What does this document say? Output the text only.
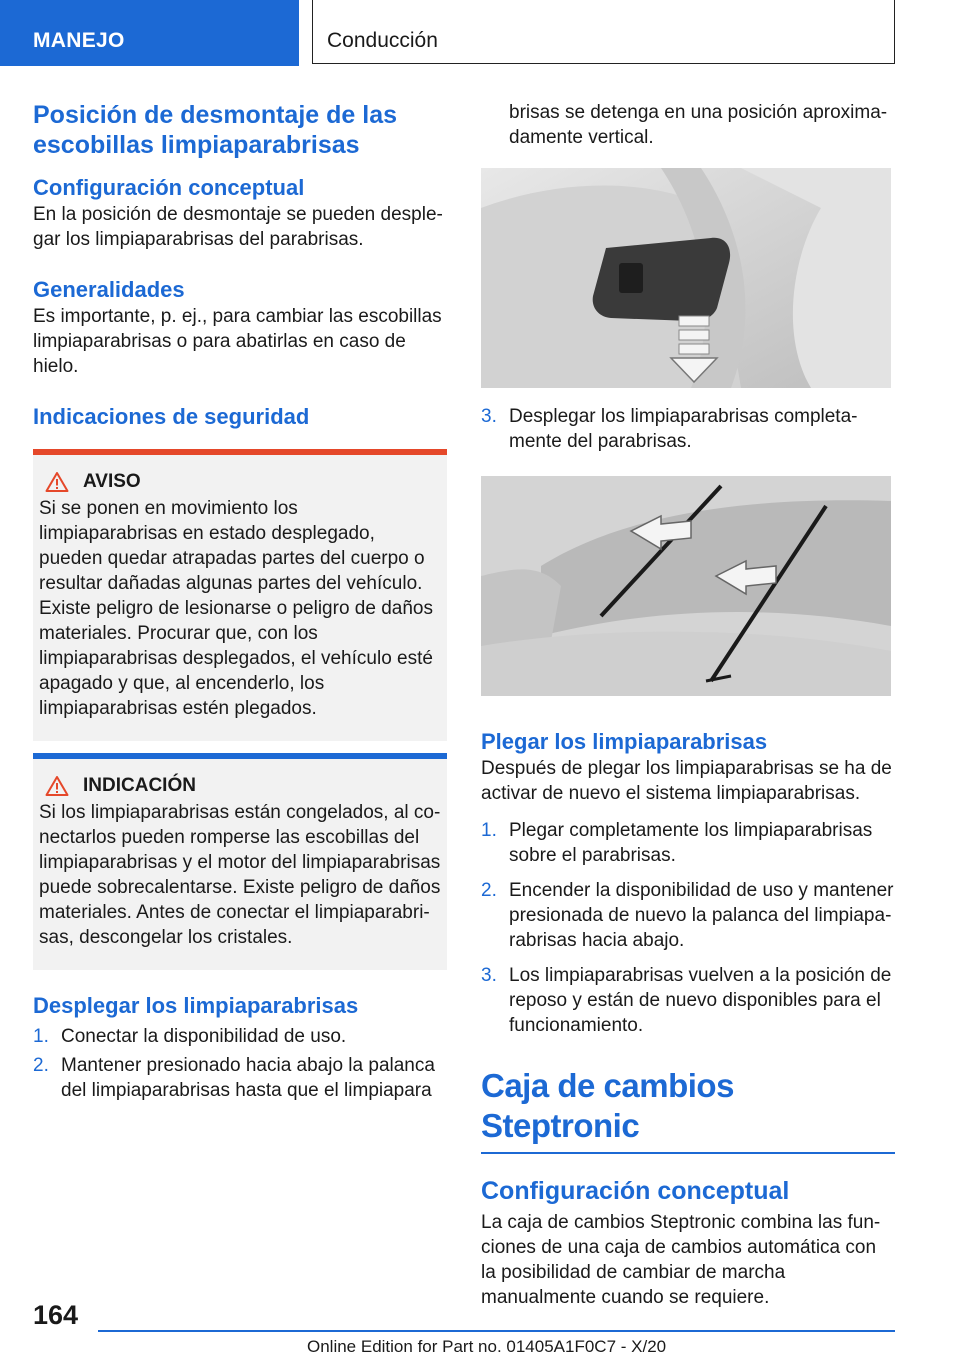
MANEJO	Conducción
Posición de desmontaje de las escobillas limpiaparabrisas
Configuración conceptual

En la posición de desmontaje se pueden desplegar los limpiaparabrisas del parabrisas.

Generalidades

Es importante, p. ej., para cambiar las escobillas limpiaparabrisas o para abatirlas en caso de hielo.

Indicaciones de seguridad
AVISO

Si se ponen en movimiento los limpiaparabrisas en estado desplegado, pueden quedar atrapadas partes del cuerpo o resultar dañadas algunas partes del vehículo. Existe peligro de lesionarse o peligro de daños materiales. Procurar que, con los limpiaparabrisas desplegados, el vehículo esté apagado y que, al encenderlo, los limpiaparabrisas estén plegados.

INDICACIÓN

Si los limpiaparabrisas están congelados, al conectarlos pueden romperse las escobillas del limpiaparabrisas y el motor del limpiaparabrisas puede sobrecalentarse. Existe peligro de daños materiales. Antes de conectar el limpiaparabrisas, descongelar los cristales.

Desplegar los limpiaparabrisas
1. Conectar la disponibilidad de uso.
2. Mantener presionado hacia abajo la palanca del limpiaparabrisas hasta que el limpiapara

brisas se detenga en una posición aproximadamente vertical.

3. Desplegar los limpiaparabrisas completamente del parabrisas.
Plegar los limpiaparabrisas

Después de plegar los limpiaparabrisas se ha de activar de nuevo el sistema limpiaparabrisas.

1. Plegar completamente los limpiaparabrisas sobre el parabrisas.
2. Encender la disponibilidad de uso y mantener presionada de nuevo la palanca del limpiaparabrisas hacia abajo.
3. Los limpiaparabrisas vuelven a la posición de reposo y están de nuevo disponibles para el funcionamiento.
Caja de cambios Steptronic
Configuración conceptual

La caja de cambios Steptronic combina las funciones de una caja de cambios automática con la posibilidad de cambiar de marcha manualmente cuando se requiere.

164
Online Edition for Part no. 01405A1F0C7 - X/20
